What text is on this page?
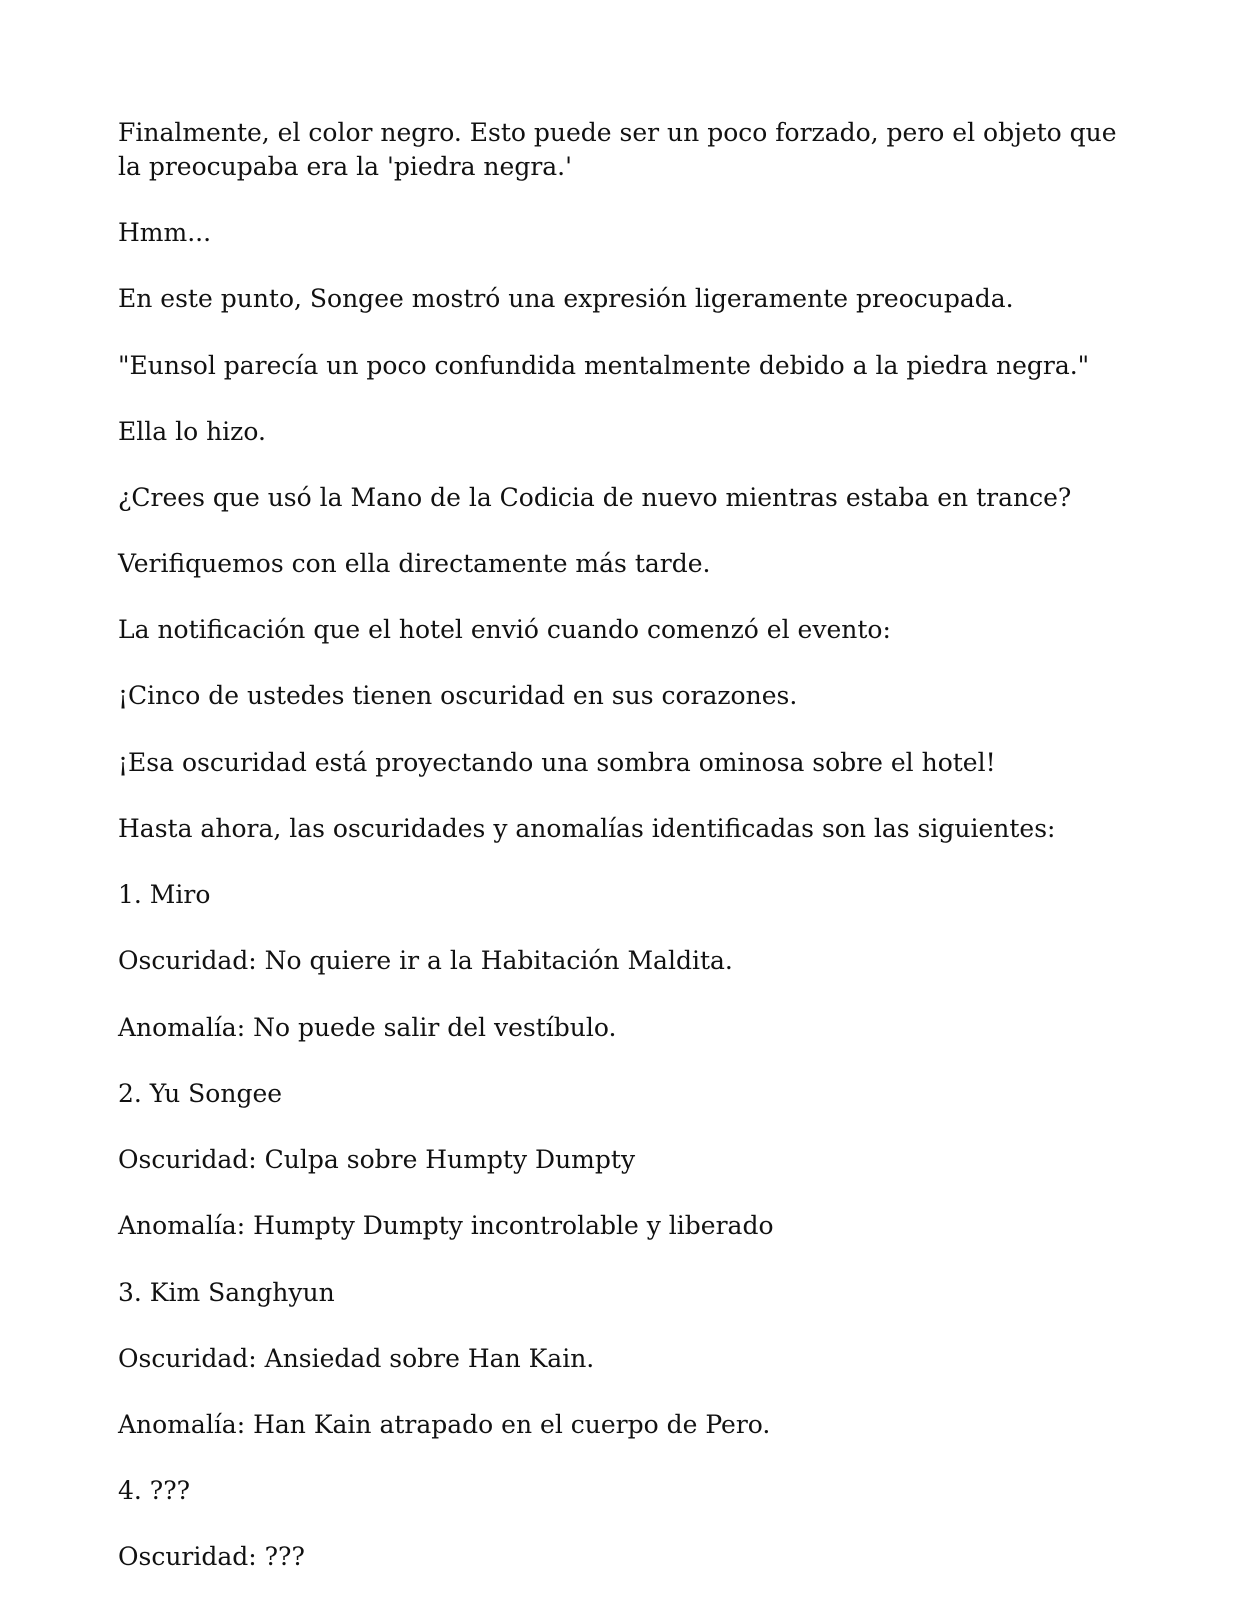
Finalmente, el color negro. Esto puede ser un poco forzado, pero el objeto que la preocupaba era la 'piedra negra.'

Hmm...

En este punto, Songee mostró una expresión ligeramente preocupada.

"Eunsol parecía un poco confundida mentalmente debido a la piedra negra."

Ella lo hizo.

¿Crees que usó la Mano de la Codicia de nuevo mientras estaba en trance?

Verifiquemos con ella directamente más tarde.

La notificación que el hotel envió cuando comenzó el evento:

¡Cinco de ustedes tienen oscuridad en sus corazones.

¡Esa oscuridad está proyectando una sombra ominosa sobre el hotel!

Hasta ahora, las oscuridades y anomalías identificadas son las siguientes:

1. Miro

Oscuridad: No quiere ir a la Habitación Maldita.

Anomalía: No puede salir del vestíbulo.

2. Yu Songee

Oscuridad: Culpa sobre Humpty Dumpty

Anomalía: Humpty Dumpty incontrolable y liberado

3. Kim Sanghyun

Oscuridad: Ansiedad sobre Han Kain.

Anomalía: Han Kain atrapado en el cuerpo de Pero.

4. ???

Oscuridad: ???
